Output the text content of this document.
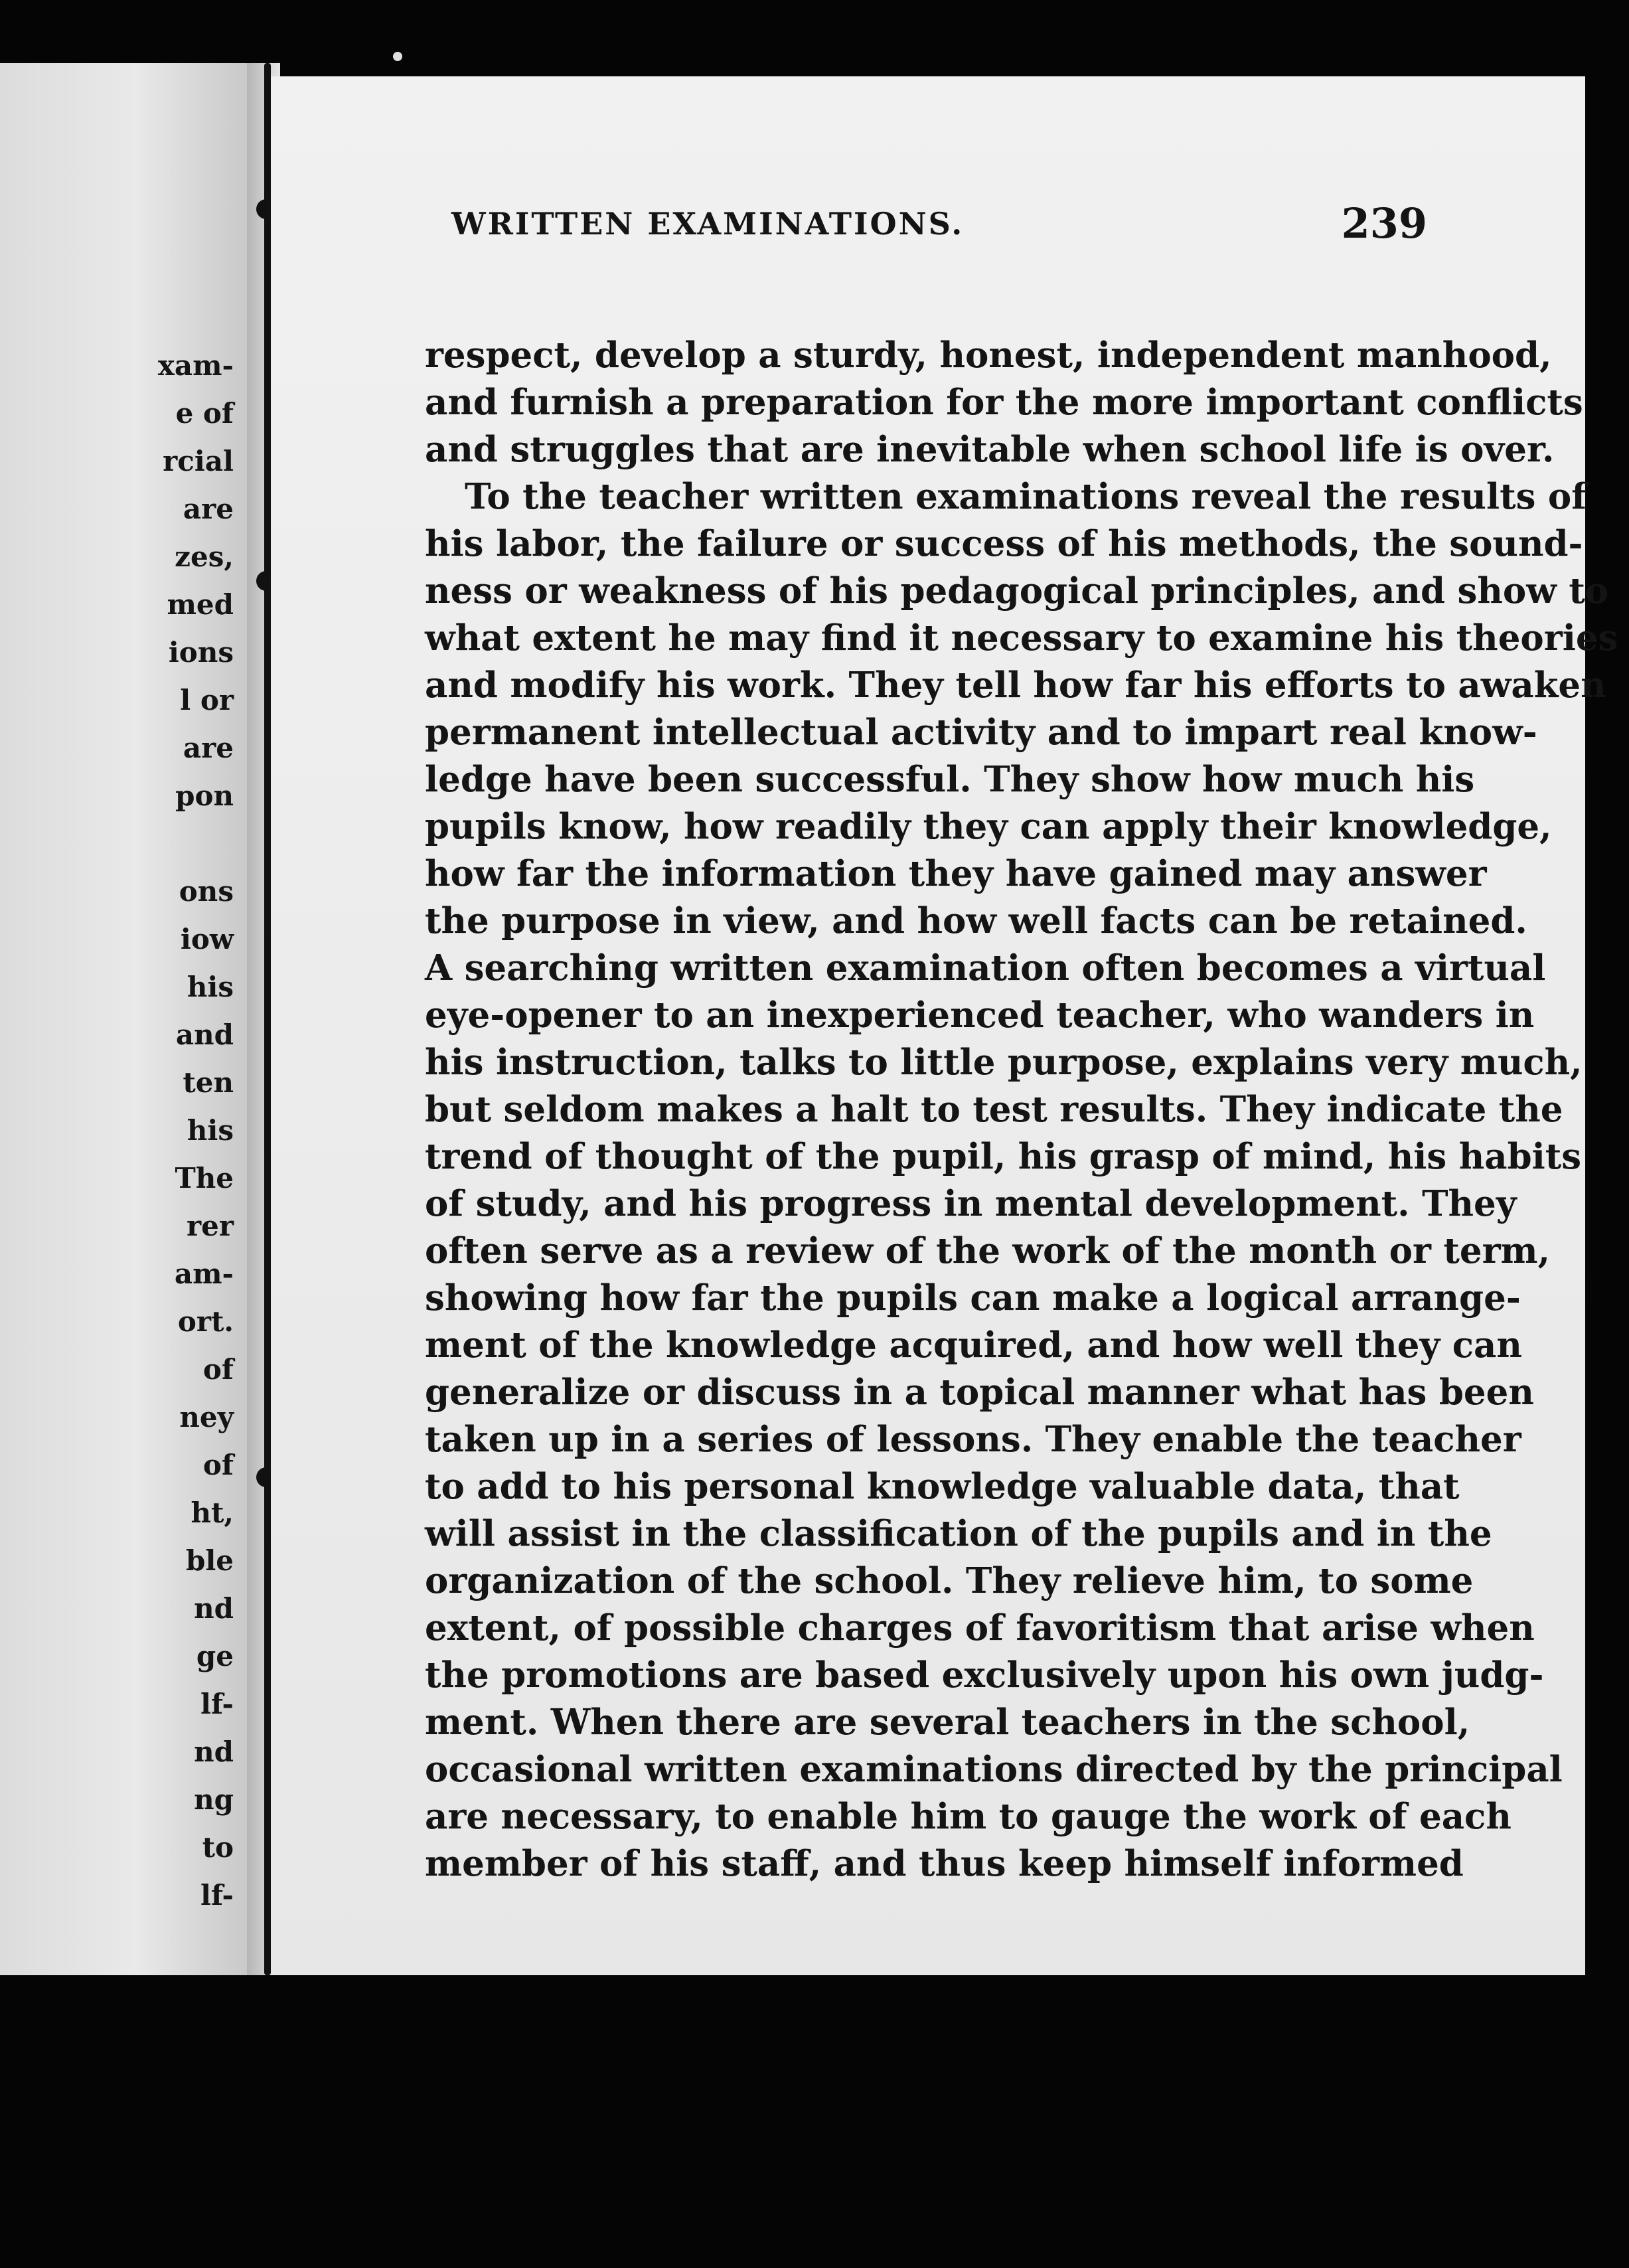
xam-
e of
rcial
are
zes,
med
ions
l or
are
pon

ons
iow
his
and
ten
his
The
rer
am-
ort.
of
ney
of
ht,
ble
nd
ge
lf-
nd
ng
to
lf-
WRITTEN EXAMINATIONS.	239
respect, develop a sturdy, honest, independent manhood,
and furnish a preparation for the more important conflicts
and struggles that are inevitable when school life is over.
To the teacher written examinations reveal the results of
his labor, the failure or success of his methods, the sound-
ness or weakness of his pedagogical principles, and show to
what extent he may find it necessary to examine his theories
and modify his work. They tell how far his efforts to awaken
permanent intellectual activity and to impart real know-
ledge have been successful. They show how much his
pupils know, how readily they can apply their knowledge,
how far the information they have gained may answer
the purpose in view, and how well facts can be retained.
A searching written examination often becomes a virtual
eye-opener to an inexperienced teacher, who wanders in
his instruction, talks to little purpose, explains very much,
but seldom makes a halt to test results. They indicate the
trend of thought of the pupil, his grasp of mind, his habits
of study, and his progress in mental development. They
often serve as a review of the work of the month or term,
showing how far the pupils can make a logical arrange-
ment of the knowledge acquired, and how well they can
generalize or discuss in a topical manner what has been
taken up in a series of lessons. They enable the teacher
to add to his personal knowledge valuable data, that
will assist in the classification of the pupils and in the
organization of the school. They relieve him, to some
extent, of possible charges of favoritism that arise when
the promotions are based exclusively upon his own judg-
ment. When there are several teachers in the school,
occasional written examinations directed by the principal
are necessary, to enable him to gauge the work of each
member of his staff, and thus keep himself informed
